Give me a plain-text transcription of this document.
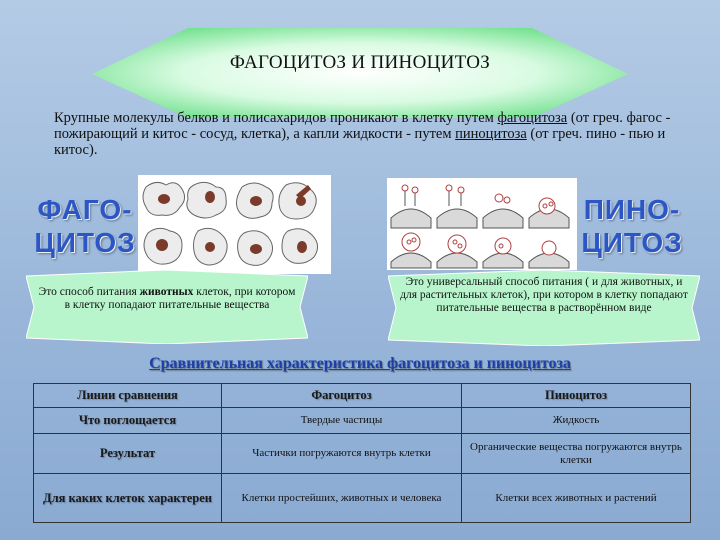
ФАГОЦИТОЗ И ПИНОЦИТОЗ
Крупные молекулы белков и полисахаридов проникают в клетку путем фагоцитоза (от греч. фагос - пожирающий и китос - сосуд, клетка), а капли жидкости - путем пиноцитоза (от греч. пино - пью и китос).
ФАГО-
ЦИТОЗ
ПИНО-
ЦИТОЗ
Это способ питания животных клеток, при котором в клетку попадают питательные вещества
Это универсальный способ питания ( и для животных, и для растительных клеток), при котором в клетку попадают питательные вещества в растворённом виде
Сравнительная характеристика фагоцитоза и пиноцитоза
Линии сравнения	Фагоцитоз	Пиноцитоз
Что поглощается	Твердые частицы	Жидкость
Результат	Частички погружаются внутрь клетки	Органические вещества погружаются внутрь клетки
Для каких клеток характерен	Клетки простейших, животных и человека	Клетки всех животных и растений
